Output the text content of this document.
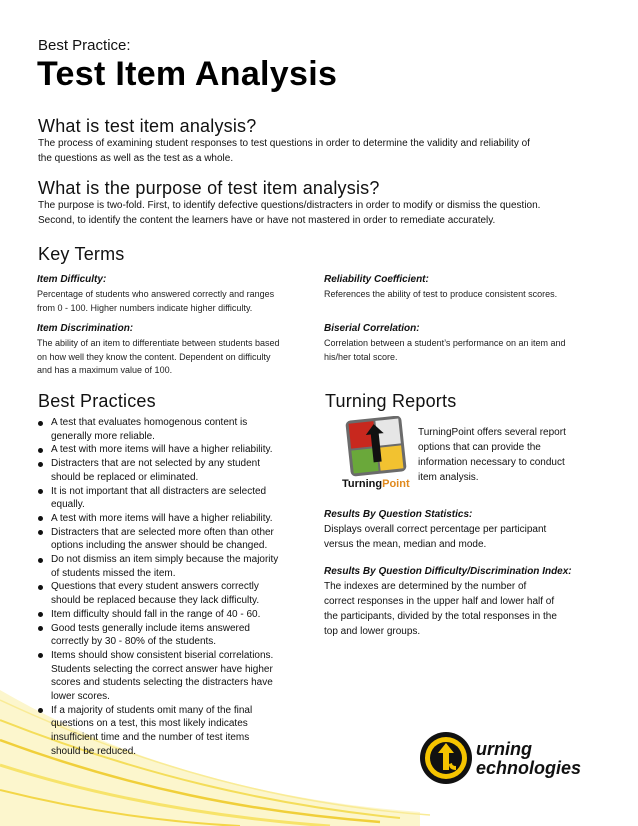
Best Practice:
Test Item Analysis
What is test item analysis?
The process of examining student responses to test questions in order to determine the validity and reliability of
the questions as well as the test as a whole.
What is the purpose of test item analysis?
The purpose is two-fold. First, to identify defective questions/distracters in order to modify or dismiss the question.
Second, to identify the content the learners have or have not mastered in order to remediate accurately.
Key Terms
Item Difficulty:
Percentage of students who answered correctly and ranges
from 0 - 100. Higher numbers indicate higher difficulty.
Reliability Coefficient:
References the ability of test to produce consistent scores.
Item Discrimination:
The ability of an item to differentiate between students based
on how well they know the content. Dependent on difficulty
and has a maximum value of 100.
Biserial Correlation:
Correlation between a student’s performance on an item and
his/her total score.
Best Practices
A test that evaluates homogenous content is
generally more reliable.
A test with more items will have a higher reliability.
Distracters that are not selected by any student
should be replaced or eliminated.
It is not important that all distracters are selected
equally.
A test with more items will have a higher reliability.
Distracters that are selected more often than other
options including the answer should be changed.
Do not dismiss an item simply because the majority
of students missed the item.
Questions that every student answers correctly
should be replaced because they lack difficulty.
Item difficulty should fall in the range of 40 - 60.
Good tests generally include items answered
correctly by 30 - 80% of the students.
Items should show consistent biserial correlations.
Students selecting the correct answer have higher
scores and students selecting the distracters have
lower scores.
If a majority of students omit many of the final
questions on a test, this most likely indicates
insufficient time and the number of test items
should be reduced.
Turning Reports
TurningPoint
TurningPoint offers several report
options that can provide the
information necessary to conduct
item analysis.
Results By Question Statistics:
Displays overall correct percentage per participant
versus the mean, median and mode.
Results By Question Difficulty/Discrimination Index:
The indexes are determined by the number of
correct responses in the upper half and lower half of
the participants, divided by the total responses in the
top and lower groups.
urning
echnologies
